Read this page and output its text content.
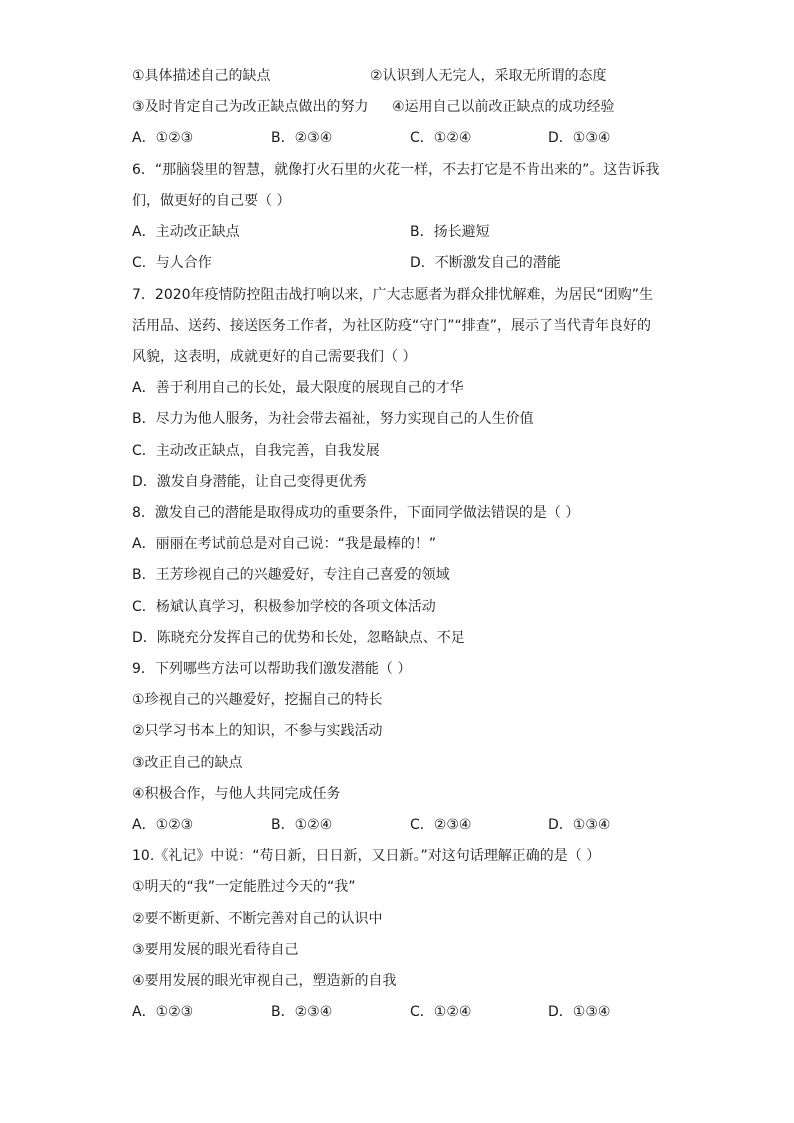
①具体描述自己的缺点	②认识到人无完人，采取无所谓的态度
③及时肯定自己为改正缺点做出的努力 ④运用自己以前改正缺点的成功经验
A．①②③	B．②③④	C．①②④	D．①③④
6．“那脑袋里的智慧，就像打火石里的火花一样，不去打它是不肯出来的”。这告诉我
们，做更好的自己要（ ）
A．主动改正缺点	B．扬长避短
C．与人合作	D．不断激发自己的潜能
7．2020年疫情防控阻击战打响以来，广大志愿者为群众排忧解难，为居民“团购”生
活用品、送药、接送医务工作者，为社区防疫“守门”“排查”，展示了当代青年良好的
风貌，这表明，成就更好的自己需要我们（ ）
A．善于利用自己的长处，最大限度的展现自己的才华
B．尽力为他人服务，为社会带去福祉，努力实现自己的人生价值
C．主动改正缺点，自我完善，自我发展
D．激发自身潜能，让自己变得更优秀
8．激发自己的潜能是取得成功的重要条件，下面同学做法错误的是（ ）
A．丽丽在考试前总是对自己说：“我是最棒的！”
B．王芳珍视自己的兴趣爱好，专注自己喜爱的领域
C．杨斌认真学习，积极参加学校的各项文体活动
D．陈晓充分发挥自己的优势和长处，忽略缺点、不足
9．下列哪些方法可以帮助我们激发潜能（ ）
①珍视自己的兴趣爱好，挖掘自己的特长
②只学习书本上的知识，不参与实践活动
③改正自己的缺点
④积极合作，与他人共同完成任务
A．①②③	B．①②④	C．②③④	D．①③④
10.《礼记》中说：“苟日新，日日新，又日新。”对这句话理解正确的是（ ）
①明天的“我”一定能胜过今天的“我”
②要不断更新、不断完善对自己的认识中
③要用发展的眼光看待自己
④要用发展的眼光审视自己，塑造新的自我
A．①②③	B．②③④	C．①②④	D．①③④
